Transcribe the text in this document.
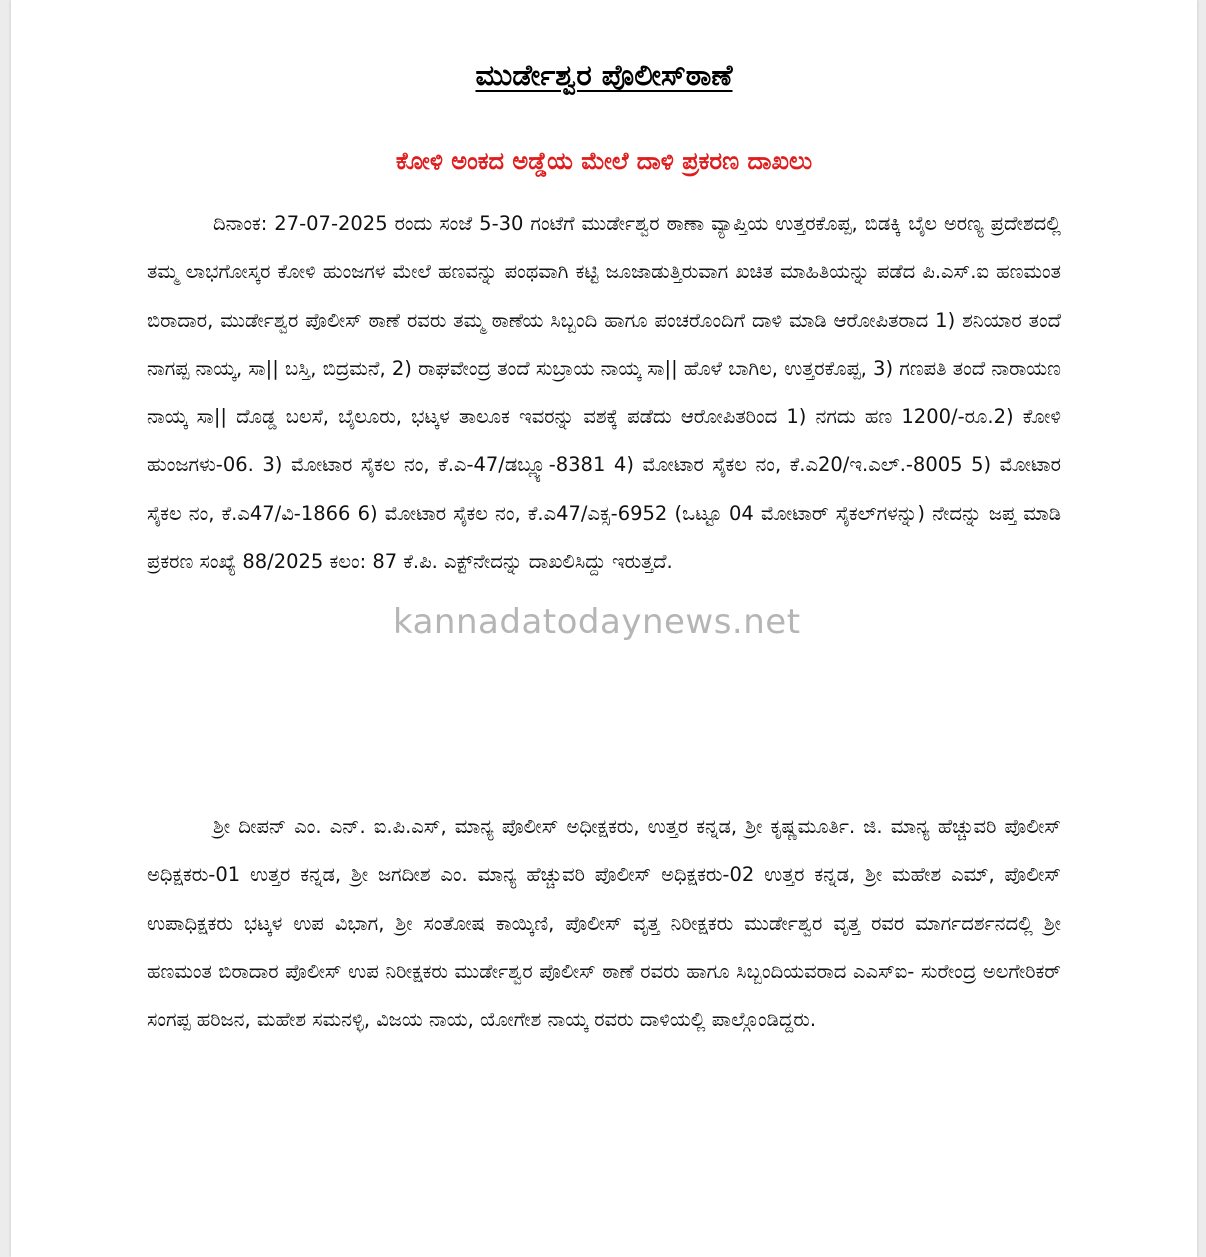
ಮುರ್ಡೇಶ್ವರ ಪೊಲೀಸ್‌ಠಾಣೆ
ಕೋಳಿ ಅಂಕದ ಅಡ್ಡೆಯ ಮೇಲೆ ದಾಳಿ ಪ್ರಕರಣ ದಾಖಲು

ದಿನಾಂಕ: 27-07-2025 ರಂದು ಸಂಜೆ 5-30 ಗಂಟೆಗೆ ಮುರ್ಡೇಶ್ವರ ಠಾಣಾ ವ್ಯಾಪ್ತಿಯ ಉತ್ತರಕೊಪ್ಪ, ಬಿಡಕ್ಕಿ ಬೈಲ ಅರಣ್ಯ ಪ್ರದೇಶದಲ್ಲಿ ತಮ್ಮ ಲಾಭಗೋಸ್ಕರ ಕೋಳಿ ಹುಂಜಗಳ ಮೇಲೆ ಹಣವನ್ನು ಪಂಥವಾಗಿ ಕಟ್ಟಿ ಜೂಜಾಡುತ್ತಿರುವಾಗ ಖಚಿತ ಮಾಹಿತಿಯನ್ನು ಪಡೆದ ಪಿ.ಎಸ್.ಐ ಹಣಮಂತ ಬಿರಾದಾರ, ಮುರ್ಡೇಶ್ವರ ಪೊಲೀಸ್ ಠಾಣೆ ರವರು ತಮ್ಮ ಠಾಣೆಯ ಸಿಬ್ಬಂದಿ ಹಾಗೂ ಪಂಚರೊಂದಿಗೆ ದಾಳಿ ಮಾಡಿ ಆರೋಪಿತರಾದ 1) ಶನಿಯಾರ ತಂದೆ ನಾಗಪ್ಪ ನಾಯ್ಕ, ಸಾ|| ಬಸ್ತಿ, ಬಿದ್ರಮನೆ, 2) ರಾಘವೇಂದ್ರ ತಂದೆ ಸುಬ್ರಾಯ ನಾಯ್ಕ ಸಾ|| ಹೊಳೆ ಬಾಗಿಲ, ಉತ್ತರಕೊಪ್ಪ, 3) ಗಣಪತಿ ತಂದೆ ನಾರಾಯಣ ನಾಯ್ಕ ಸಾ|| ದೊಡ್ಡ ಬಲಸೆ, ಬೈಲೂರು, ಭಟ್ಕಳ ತಾಲೂಕ ಇವರನ್ನು ವಶಕ್ಕೆ ಪಡೆದು ಆರೋಪಿತರಿಂದ 1) ನಗದು ಹಣ 1200/-ರೂ.2) ಕೋಳಿ ಹುಂಜಗಳು-06. 3) ಮೋಟಾರ ಸೈಕಲ ನಂ, ಕೆ.ಎ-47/ಡಬ್ಲ್ಯೂ-8381 4) ಮೋಟಾರ ಸೈಕಲ ನಂ, ಕೆ.ಎ20/ಇ.ಎಲ್.-8005 5) ಮೋಟಾರ ಸೈಕಲ ನಂ, ಕೆ.ಎ47/ವಿ-1866 6) ಮೋಟಾರ ಸೈಕಲ ನಂ, ಕೆ.ಎ47/ಎಕ್ಸ-6952 (ಒಟ್ಟೂ 04 ಮೋಟಾರ್ ಸೈಕಲ್‌ಗಳನ್ನು) ನೇದನ್ನು ಜಪ್ತ ಮಾಡಿ ಪ್ರಕರಣ ಸಂಖ್ಯೆ 88/2025 ಕಲಂ: 87 ಕೆ.ಪಿ. ಎಕ್ಟ್‌ನೇದನ್ನು ದಾಖಲಿಸಿದ್ದು ಇರುತ್ತದೆ.

ಶ್ರೀ ದೀಪನ್ ಎಂ. ಎನ್. ಐ.ಪಿ.ಎಸ್, ಮಾನ್ಯ ಪೊಲೀಸ್ ಅಧೀಕ್ಷಕರು, ಉತ್ತರ ಕನ್ನಡ, ಶ್ರೀ ಕೃಷ್ಣಮೂರ್ತಿ. ಜಿ. ಮಾನ್ಯ ಹೆಚ್ಚುವರಿ ಪೊಲೀಸ್ ಅಧಿಕ್ಷಕರು-01 ಉತ್ತರ ಕನ್ನಡ, ಶ್ರೀ ಜಗದೀಶ ಎಂ. ಮಾನ್ಯ ಹೆಚ್ಚುವರಿ ಪೊಲೀಸ್ ಅಧಿಕ್ಷಕರು-02 ಉತ್ತರ ಕನ್ನಡ, ಶ್ರೀ ಮಹೇಶ ಎಮ್, ಪೊಲೀಸ್ ಉಪಾಧಿಕ್ಷಕರು ಭಟ್ಕಳ ಉಪ ವಿಭಾಗ, ಶ್ರೀ ಸಂತೋಷ ಕಾಯ್ಕಿಣಿ, ಪೊಲೀಸ್ ವೃತ್ತ ನಿರೀಕ್ಷಕರು ಮುರ್ಡೇಶ್ವರ ವೃತ್ತ ರವರ ಮಾರ್ಗದರ್ಶನದಲ್ಲಿ ಶ್ರೀ ಹಣಮಂತ ಬಿರಾದಾರ ಪೊಲೀಸ್ ಉಪ ನಿರೀಕ್ಷಕರು ಮುರ್ಡೇಶ್ವರ ಪೊಲೀಸ್ ಠಾಣೆ ರವರು ಹಾಗೂ ಸಿಬ್ಬಂದಿಯವರಾದ ಎಎಸ್ಐ- ಸುರೇಂದ್ರ ಅಲಗೇರಿಕರ್ ಸಂಗಪ್ಪ ಹರಿಜನ, ಮಹೇಶ ಸಮನಳ್ಳಿ, ವಿಜಯ ನಾಯ, ಯೋಗೇಶ ನಾಯ್ಕ ರವರು ದಾಳಿಯಲ್ಲಿ ಪಾಲ್ಗೊಂಡಿದ್ದರು.

kannadatodaynews.net
